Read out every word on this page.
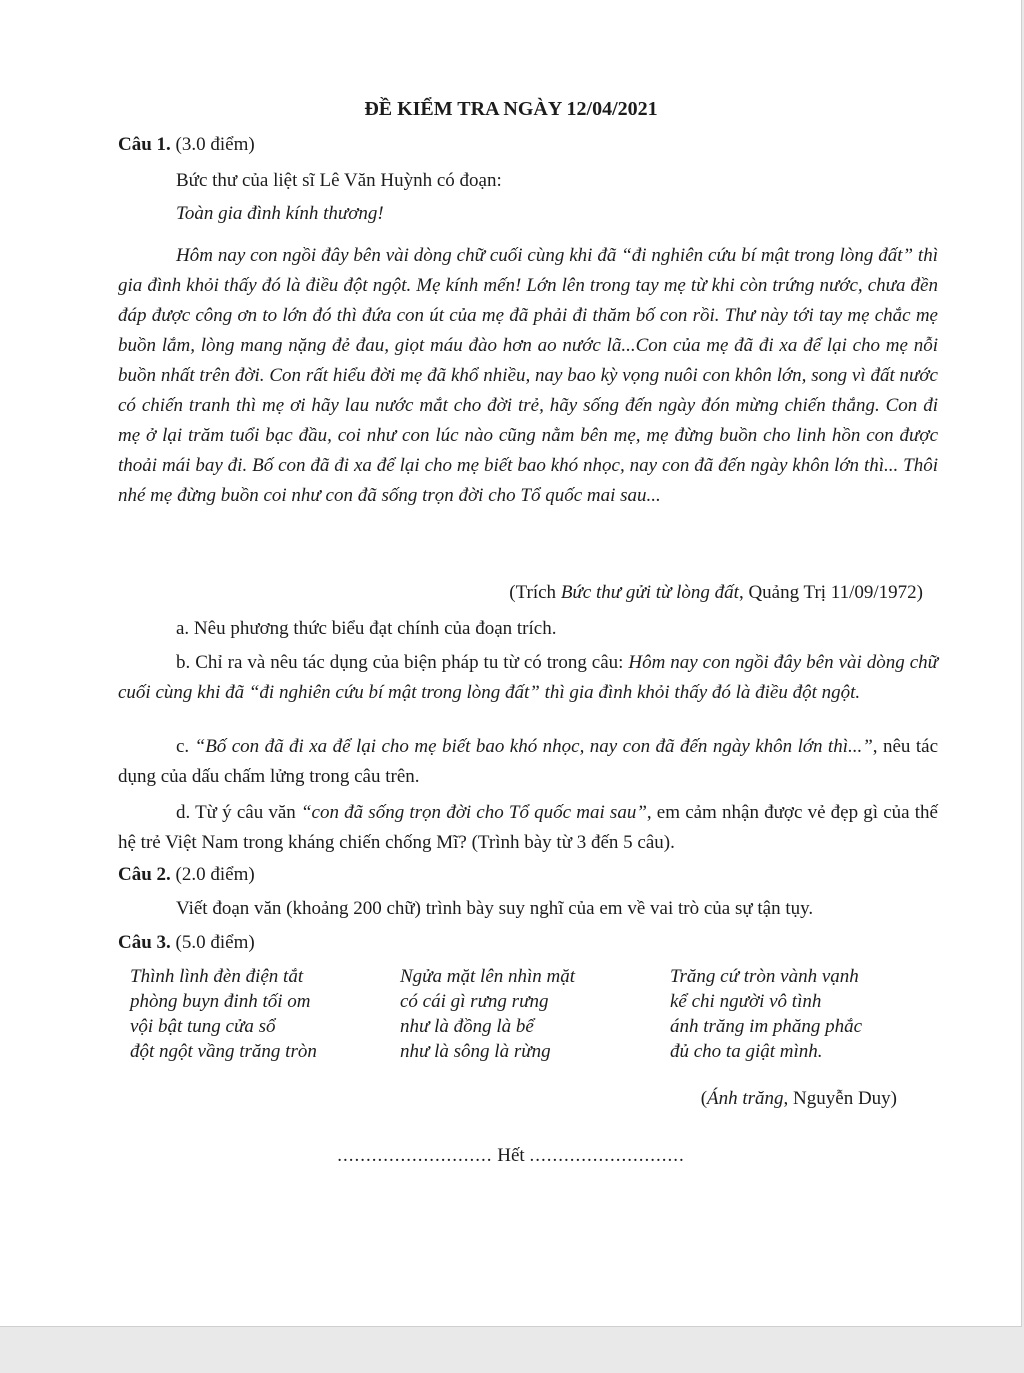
ĐỀ KIỂM TRA NGÀY 12/04/2021

Câu 1. (3.0 điểm)

Bức thư của liệt sĩ Lê Văn Huỳnh có đoạn:

Toàn gia đình kính thương!

Hôm nay con ngồi đây bên vài dòng chữ cuối cùng khi đã “đi nghiên cứu bí mật trong lòng đất” thì gia đình khỏi thấy đó là điều đột ngột. Mẹ kính mến! Lớn lên trong tay mẹ từ khi còn trứng nước, chưa đền đáp được công ơn to lớn đó thì đứa con út của mẹ đã phải đi thăm bố con rồi. Thư này tới tay mẹ chắc mẹ buồn lắm, lòng mang nặng đẻ đau, giọt máu đào hơn ao nước lã...Con của mẹ đã đi xa để lại cho mẹ nỗi buồn nhất trên đời. Con rất hiểu đời mẹ đã khổ nhiều, nay bao kỳ vọng nuôi con khôn lớn, song vì đất nước có chiến tranh thì mẹ ơi hãy lau nước mắt cho đời trẻ, hãy sống đến ngày đón mừng chiến thắng. Con đi mẹ ở lại trăm tuổi bạc đầu, coi như con lúc nào cũng nằm bên mẹ, mẹ đừng buồn cho linh hồn con được thoải mái bay đi. Bố con đã đi xa để lại cho mẹ biết bao khó nhọc, nay con đã đến ngày khôn lớn thì... Thôi nhé mẹ đừng buồn coi như con đã sống trọn đời cho Tổ quốc mai sau...

(Trích Bức thư gửi từ lòng đất, Quảng Trị 11/09/1972)

a. Nêu phương thức biểu đạt chính của đoạn trích.

b. Chỉ ra và nêu tác dụng của biện pháp tu từ có trong câu: Hôm nay con ngồi đây bên vài dòng chữ cuối cùng khi đã “đi nghiên cứu bí mật trong lòng đất” thì gia đình khỏi thấy đó là điều đột ngột.

c. “Bố con đã đi xa để lại cho mẹ biết bao khó nhọc, nay con đã đến ngày khôn lớn thì...”, nêu tác dụng của dấu chấm lửng trong câu trên.

d. Từ ý câu văn “con đã sống trọn đời cho Tổ quốc mai sau”, em cảm nhận được vẻ đẹp gì của thế hệ trẻ Việt Nam trong kháng chiến chống Mĩ? (Trình bày từ 3 đến 5 câu).

Câu 2. (2.0 điểm)

Viết đoạn văn (khoảng 200 chữ) trình bày suy nghĩ của em về vai trò của sự tận tụy.

Câu 3. (5.0 điểm)

Thình lình đèn điện tắt
phòng buyn đinh tối om
vội bật tung cửa sổ
đột ngột vầng trăng tròn
Ngửa mặt lên nhìn mặt
có cái gì rưng rưng
như là đồng là bể
như là sông là rừng
Trăng cứ tròn vành vạnh
kể chi người vô tình
ánh trăng im phăng phắc
đủ cho ta giật mình.

(Ánh trăng, Nguyễn Duy)

........................... Hết ...........................
